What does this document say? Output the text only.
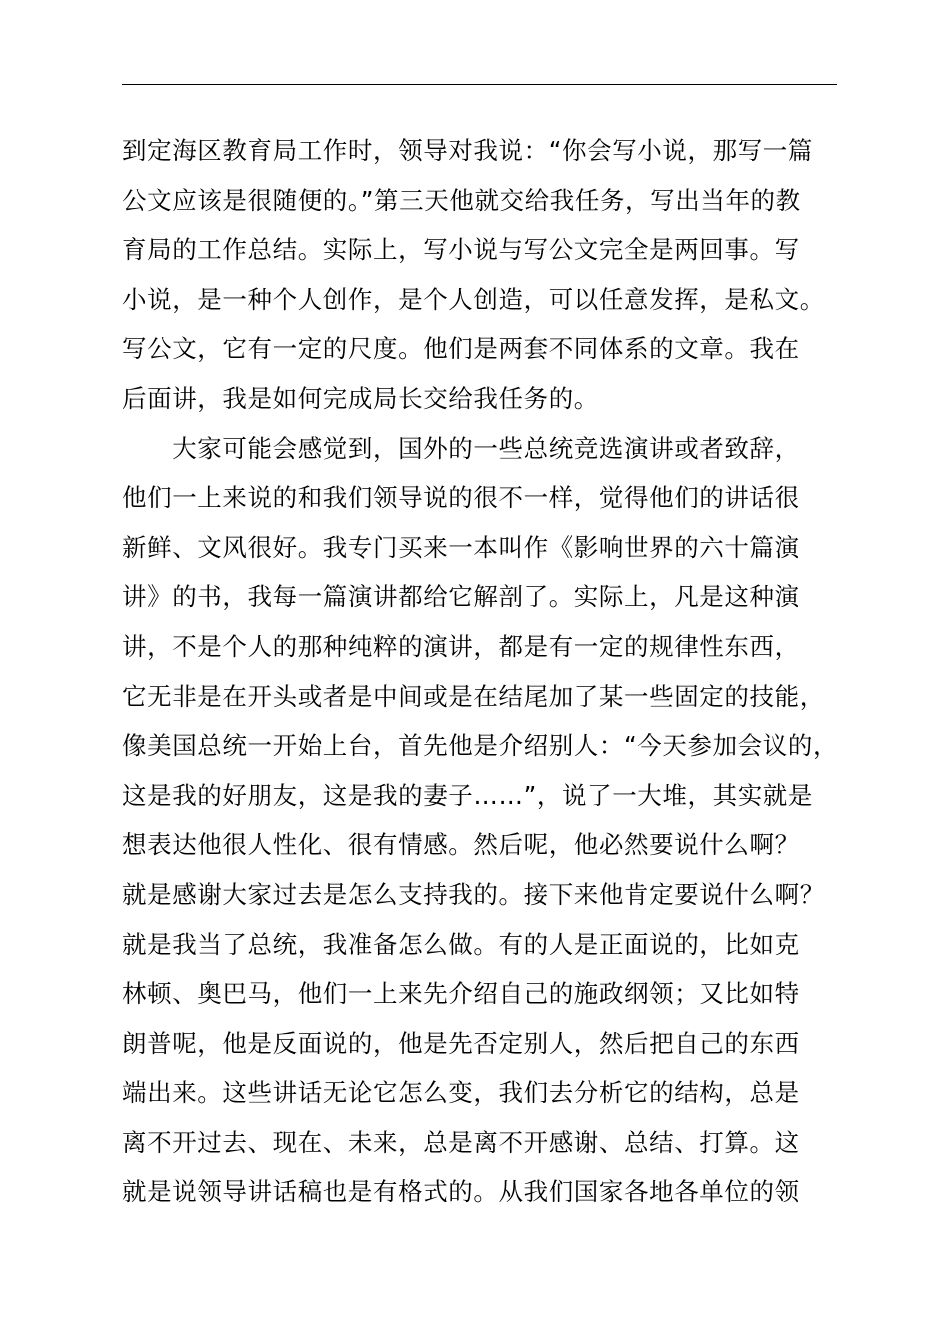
到定海区教育局工作时，领导对我说：“你会写小说，那写一篇
公文应该是很随便的。”第三天他就交给我任务，写出当年的教
育局的工作总结。实际上，写小说与写公文完全是两回事。写
小说，是一种个人创作，是个人创造，可以任意发挥，是私文。
写公文，它有一定的尺度。他们是两套不同体系的文章。我在
后面讲，我是如何完成局长交给我任务的。
　　大家可能会感觉到，国外的一些总统竞选演讲或者致辞，
他们一上来说的和我们领导说的很不一样，觉得他们的讲话很
新鲜、文风很好。我专门买来一本叫作《影响世界的六十篇演
讲》的书，我每一篇演讲都给它解剖了。实际上，凡是这种演
讲，不是个人的那种纯粹的演讲，都是有一定的规律性东西，
它无非是在开头或者是中间或是在结尾加了某一些固定的技能，
像美国总统一开始上台，首先他是介绍别人：“今天参加会议的，
这是我的好朋友，这是我的妻子……”，说了一大堆，其实就是
想表达他很人性化、很有情感。然后呢，他必然要说什么啊？
就是感谢大家过去是怎么支持我的。接下来他肯定要说什么啊？
就是我当了总统，我准备怎么做。有的人是正面说的，比如克
林顿、奥巴马，他们一上来先介绍自己的施政纲领；又比如特
朗普呢，他是反面说的，他是先否定别人，然后把自己的东西
端出来。这些讲话无论它怎么变，我们去分析它的结构，总是
离不开过去、现在、未来，总是离不开感谢、总结、打算。这
就是说领导讲话稿也是有格式的。从我们国家各地各单位的领
